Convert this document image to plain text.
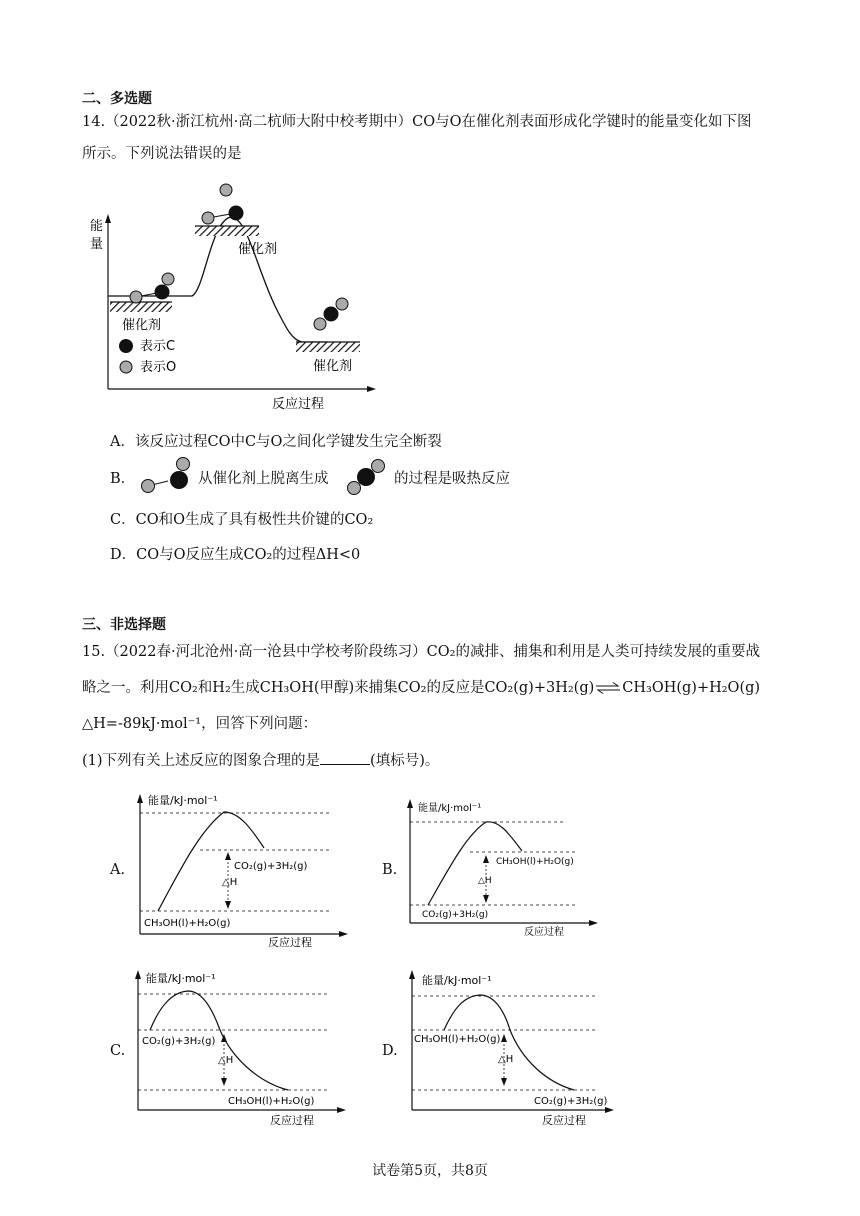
二、多选题
14.（2022秋·浙江杭州·高二杭师大附中校考期中）CO与O在催化剂表面形成化学键时的能量变化如下图
所示。下列说法错误的是
能
量
反应过程
催化剂
催化剂
催化剂
表示C
表示O
A．该反应过程CO中C与O之间化学键发生完全断裂
B．	从催化剂上脱离生成	的过程是吸热反应
C．CO和O生成了具有极性共价键的CO₂
D．CO与O反应生成CO₂的过程ΔH<0
三、非选择题
15.（2022春·河北沧州·高一沧县中学校考阶段练习）CO₂的减排、捕集和利用是人类可持续发展的重要战
略之一。利用CO₂和H₂生成CH₃OH(甲醇)来捕集CO₂的反应是CO₂(g)+3H₂(g)⇌CH₃OH(g)+H₂O(g)
△H=-89kJ·mol⁻¹，回答下列问题：
(1)下列有关上述反应的图象合理的是	(填标号)。
A.
能量/kJ·mol⁻¹
CO₂(g)+3H₂(g)
△H
CH₃OH(l)+H₂O(g)
反应过程
B.
能量/kJ·mol⁻¹
CH₃OH(l)+H₂O(g)
△H
CO₂(g)+3H₂(g)
反应过程
C.
能量/kJ·mol⁻¹
CO₂(g)+3H₂(g)
△H
CH₃OH(l)+H₂O(g)
反应过程
D.
能量/kJ·mol⁻¹
CH₃OH(l)+H₂O(g)
△H
CO₂(g)+3H₂(g)
反应过程
试卷第5页，共8页
